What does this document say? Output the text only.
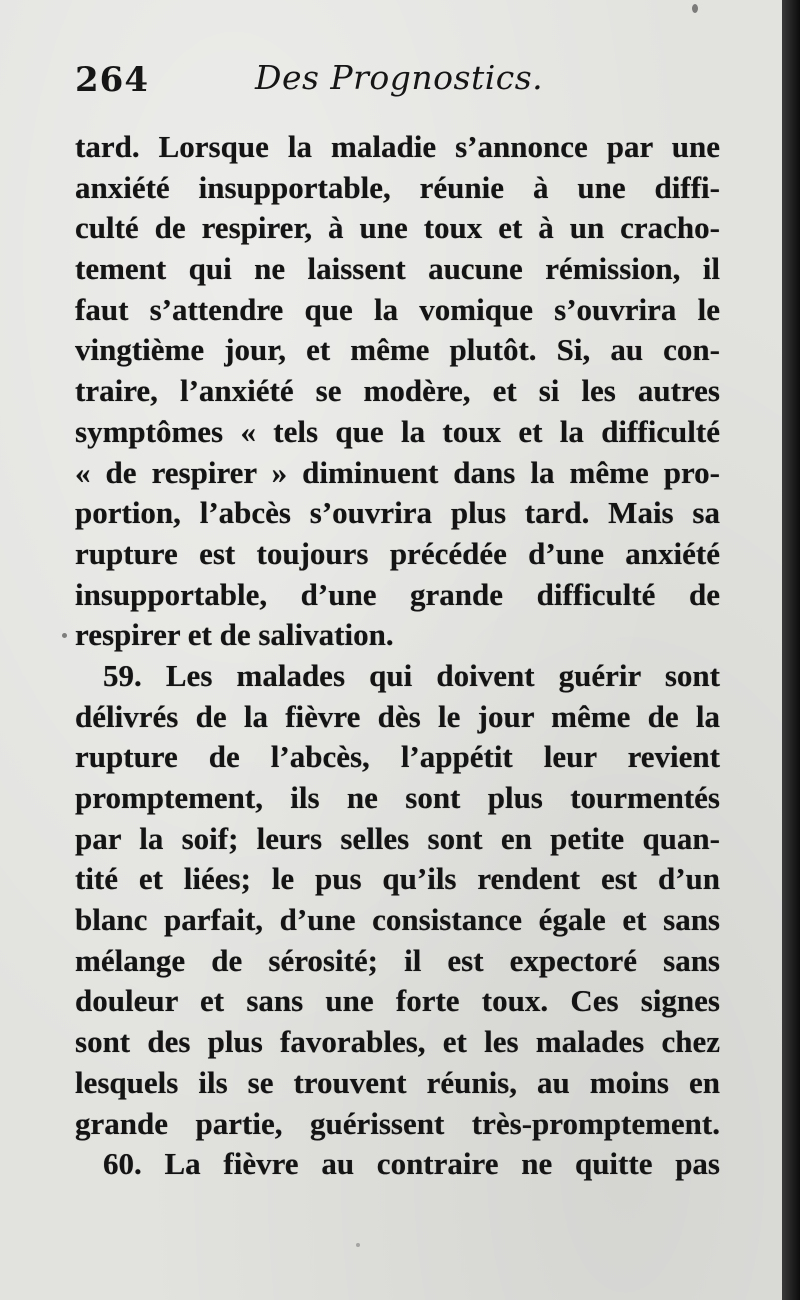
264	Des Prognostics.
tard. Lorsque la maladie s’annonce par une
anxiété insupportable, réunie à une diffi-
culté de respirer, à une toux et à un cracho-
tement qui ne laissent aucune rémission, il
faut s’attendre que la vomique s’ouvrira le
vingtième jour, et même plutôt. Si, au con-
traire, l’anxiété se modère, et si les autres
symptômes « tels que la toux et la difficulté
« de respirer » diminuent dans la même pro-
portion, l’abcès s’ouvrira plus tard. Mais sa
rupture est toujours précédée d’une anxiété
insupportable, d’une grande difficulté de
respirer et de salivation.
59. Les malades qui doivent guérir sont
délivrés de la fièvre dès le jour même de la
rupture de l’abcès, l’appétit leur revient
promptement, ils ne sont plus tourmentés
par la soif; leurs selles sont en petite quan-
tité et liées; le pus qu’ils rendent est d’un
blanc parfait, d’une consistance égale et sans
mélange de sérosité; il est expectoré sans
douleur et sans une forte toux. Ces signes
sont des plus favorables, et les malades chez
lesquels ils se trouvent réunis, au moins en
grande partie, guérissent très-promptement.
60. La fièvre au contraire ne quitte pas
